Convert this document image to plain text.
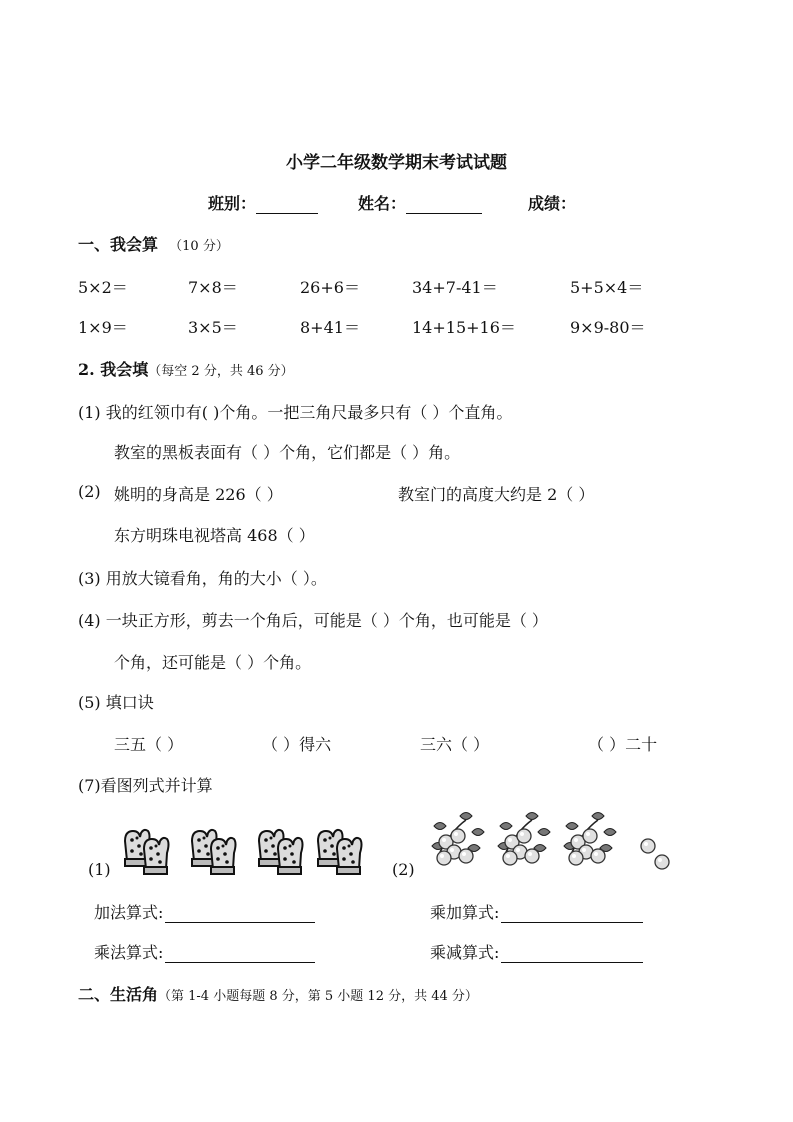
小学二年级数学期末考试试题
班别：	姓名：	成绩：
一、我会算 （10 分）
5×2＝	7×8＝	26+6＝	34+7-41＝	5+5×4＝
1×9＝	3×5＝	8+41＝	14+15+16＝	9×9-80＝
2. 我会填（每空 2 分，共 46 分）
(1) 我的红领巾有( )个角。一把三角尺最多只有（ ）个直角。
教室的黑板表面有（ ）个角，它们都是（ ）角。
(2) 姚明的身高是 226（ ）	教室门的高度大约是 2（ ）
东方明珠电视塔高 468（ ）
(3) 用放大镜看角，角的大小（ ）。
(4) 一块正方形，剪去一个角后，可能是（ ）个角，也可能是（ ）
个角，还可能是（ ）个角。
(5) 填口诀
三五（ ）	（ ）得六	三六（ ）	（ ）二十
(7)看图列式并计算
(1)	(2)
加法算式:
乘法算式:
乘加算式:
乘减算式:
二、生活角（第 1-4 小题每题 8 分，第 5 小题 12 分，共 44 分）
